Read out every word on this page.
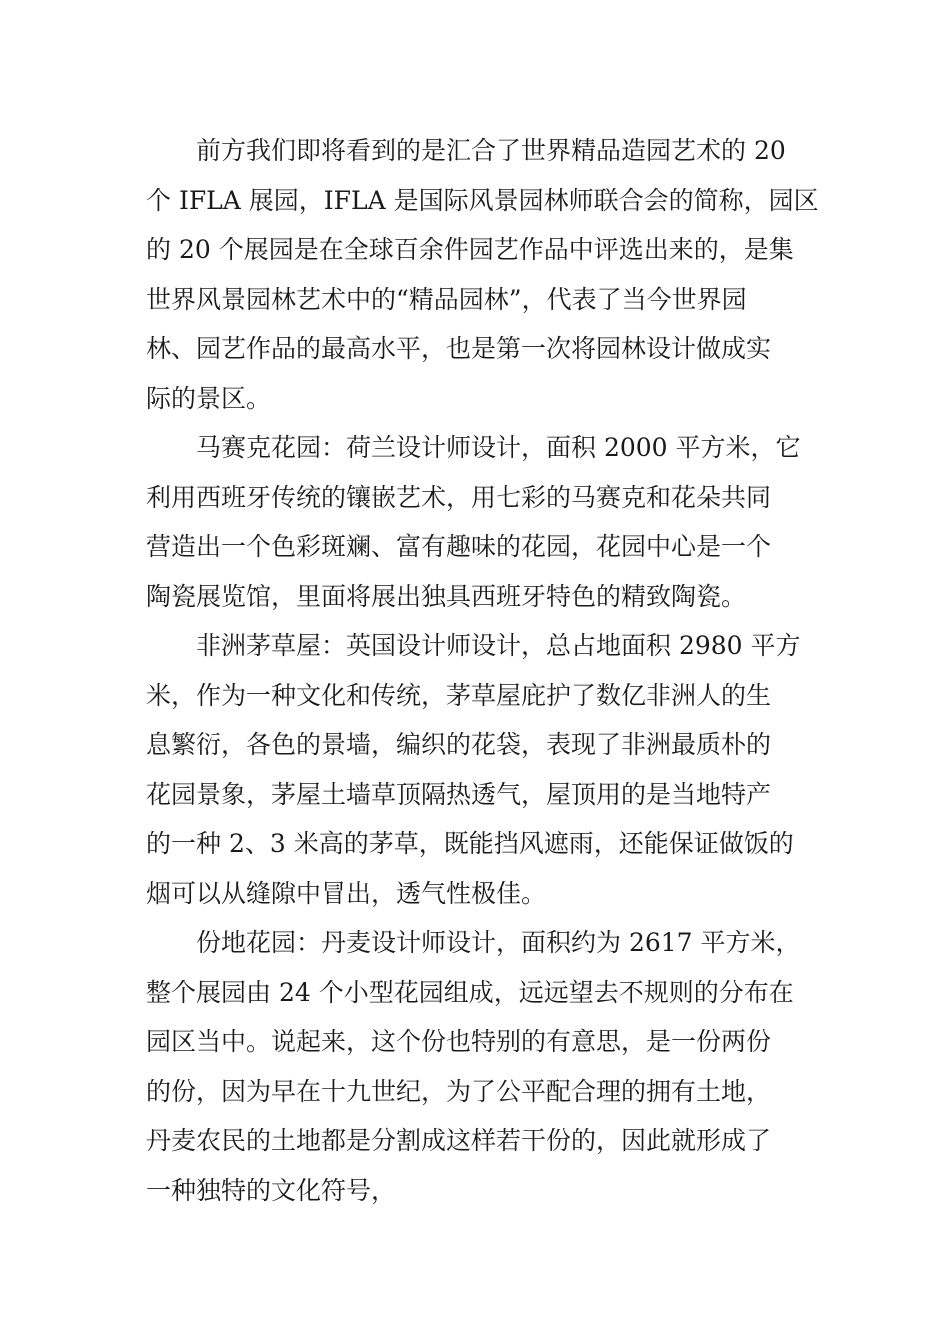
前方我们即将看到的是汇合了世界精品造园艺术的 20
个 IFLA 展园，IFLA 是国际风景园林师联合会的简称，园区
的 20 个展园是在全球百余件园艺作品中评选出来的，是集
世界风景园林艺术中的“精品园林”，代表了当今世界园
林、园艺作品的最高水平，也是第一次将园林设计做成实
际的景区。
马赛克花园：荷兰设计师设计，面积 2000 平方米，它
利用西班牙传统的镶嵌艺术，用七彩的马赛克和花朵共同
营造出一个色彩斑斓、富有趣味的花园，花园中心是一个
陶瓷展览馆，里面将展出独具西班牙特色的精致陶瓷。
非洲茅草屋：英国设计师设计，总占地面积 2980 平方
米，作为一种文化和传统，茅草屋庇护了数亿非洲人的生
息繁衍，各色的景墙，编织的花袋，表现了非洲最质朴的
花园景象，茅屋土墙草顶隔热透气，屋顶用的是当地特产
的一种 2、3 米高的茅草，既能挡风遮雨，还能保证做饭的
烟可以从缝隙中冒出，透气性极佳。
份地花园：丹麦设计师设计，面积约为 2617 平方米，
整个展园由 24 个小型花园组成，远远望去不规则的分布在
园区当中。说起来，这个份也特别的有意思，是一份两份
的份，因为早在十九世纪，为了公平配合理的拥有土地，
丹麦农民的土地都是分割成这样若干份的，因此就形成了
一种独特的文化符号，
